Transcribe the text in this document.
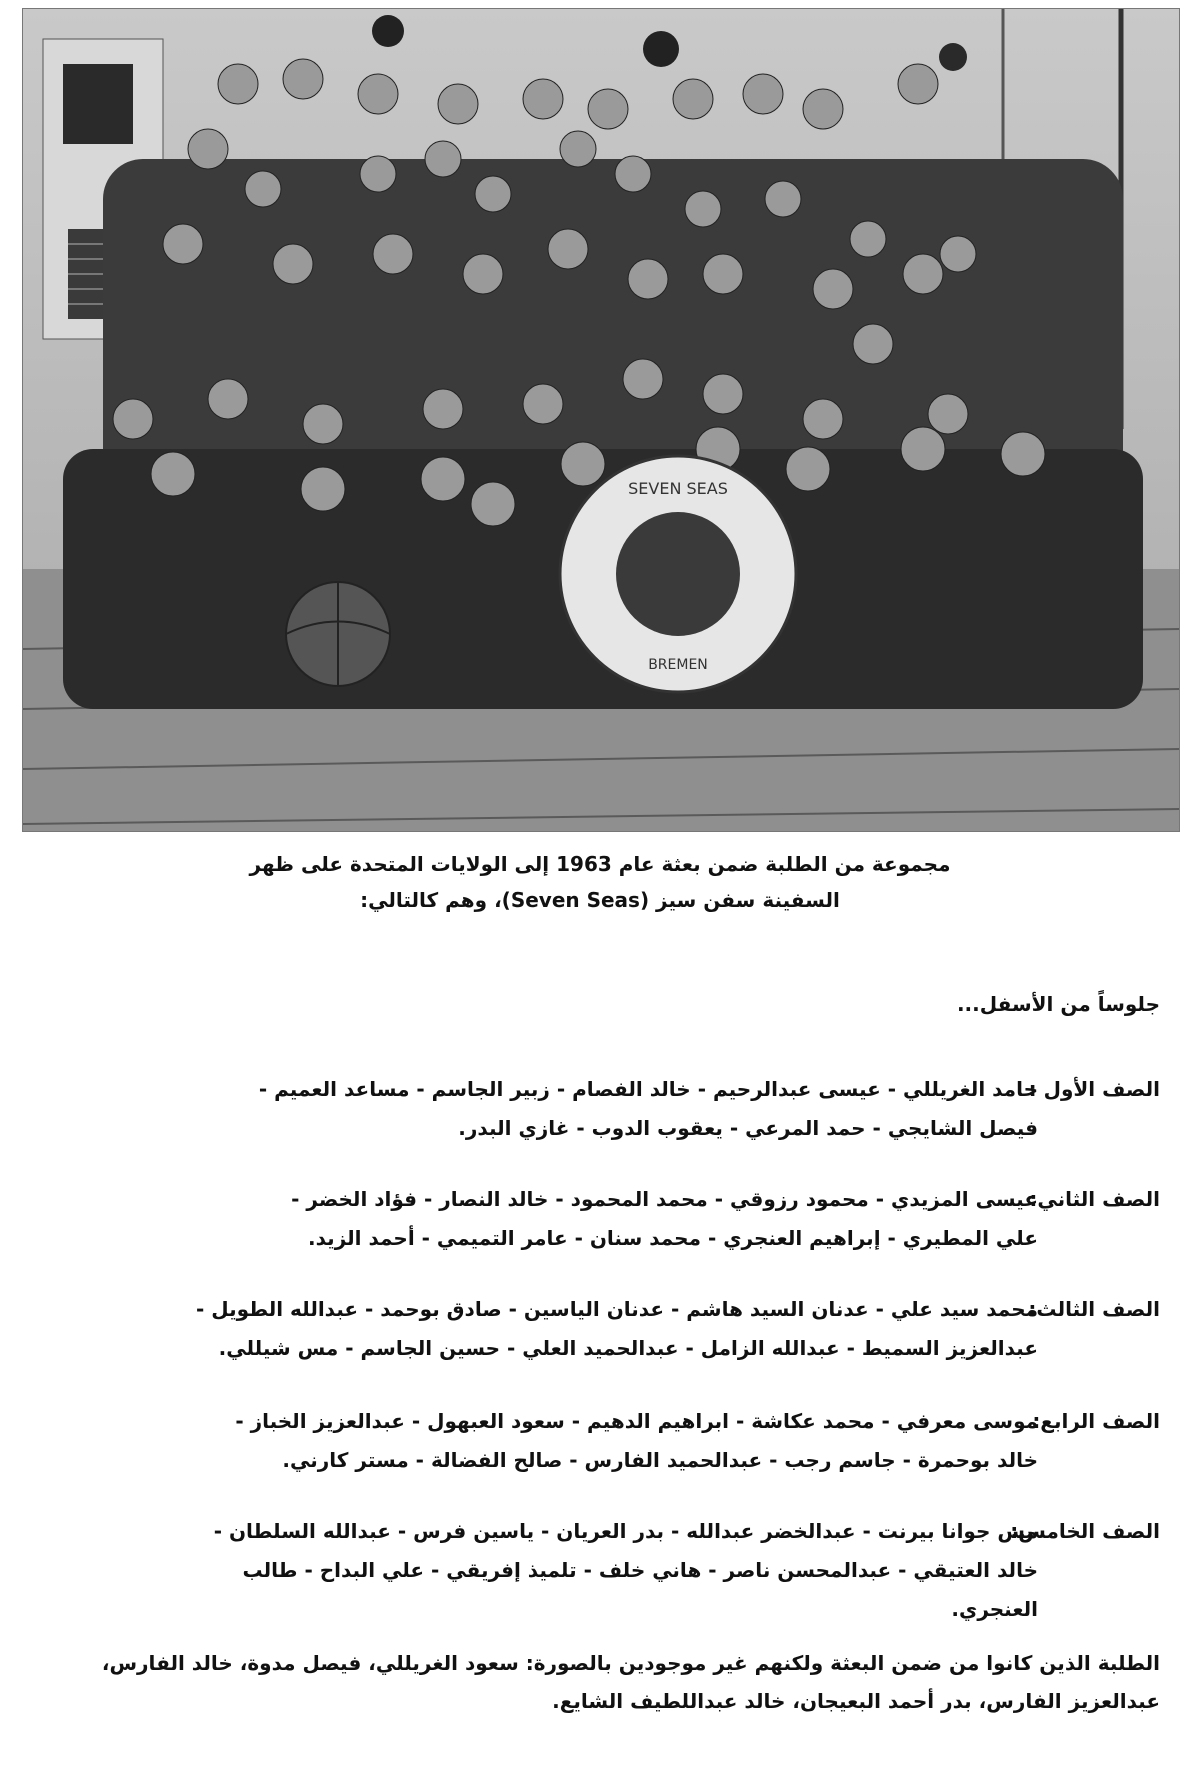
SEVEN SEAS
BREMEN
مجموعة من الطلبة ضمن بعثة عام 1963 إلى الولايات المتحدة على ظهر
السفينة سفن سيز (Seven Seas)، وهم كالتالي:
جلوساً من الأسفل...
الصف الأول :
حامد الغريللي - عيسى عبدالرحيم - خالد الفصام - زبير الجاسم - مساعد العميم -
فيصل الشايجي - حمد المرعي - يعقوب الدوب - غازي البدر.
الصف الثاني:
عيسى المزيدي - محمود رزوقي - محمد المحمود - خالد النصار - فؤاد الخضر -
علي المطيري - إبراهيم العنجري - محمد سنان - عامر التميمي - أحمد الزيد.
الصف الثالث:
محمد سيد علي - عدنان السيد هاشم - عدنان الياسين - صادق بوحمد - عبدالله الطويل -
عبدالعزيز السميط - عبدالله الزامل - عبدالحميد العلي - حسين الجاسم - مس شيللي.
الصف الرابع:
موسى معرفي - محمد عكاشة - ابراهيم الدهيم - سعود العبهول - عبدالعزيز الخباز -
خالد بوحمرة - جاسم رجب - عبدالحميد الفارس - صالح الفضالة - مستر كارني.
الصف الخامس:
مس جوانا بيرنت - عبدالخضر عبدالله - بدر العريان - ياسين فرس - عبدالله السلطان -
خالد العتيقي - عبدالمحسن ناصر - هاني خلف - تلميذ إفريقي - علي البداح - طالب
العنجري.
الطلبة الذين كانوا من ضمن البعثة ولكنهم غير موجودين بالصورة: سعود الغريللي، فيصل مدوة، خالد الفارس،
عبدالعزيز الفارس، بدر أحمد البعيجان، خالد عبداللطيف الشايع.
